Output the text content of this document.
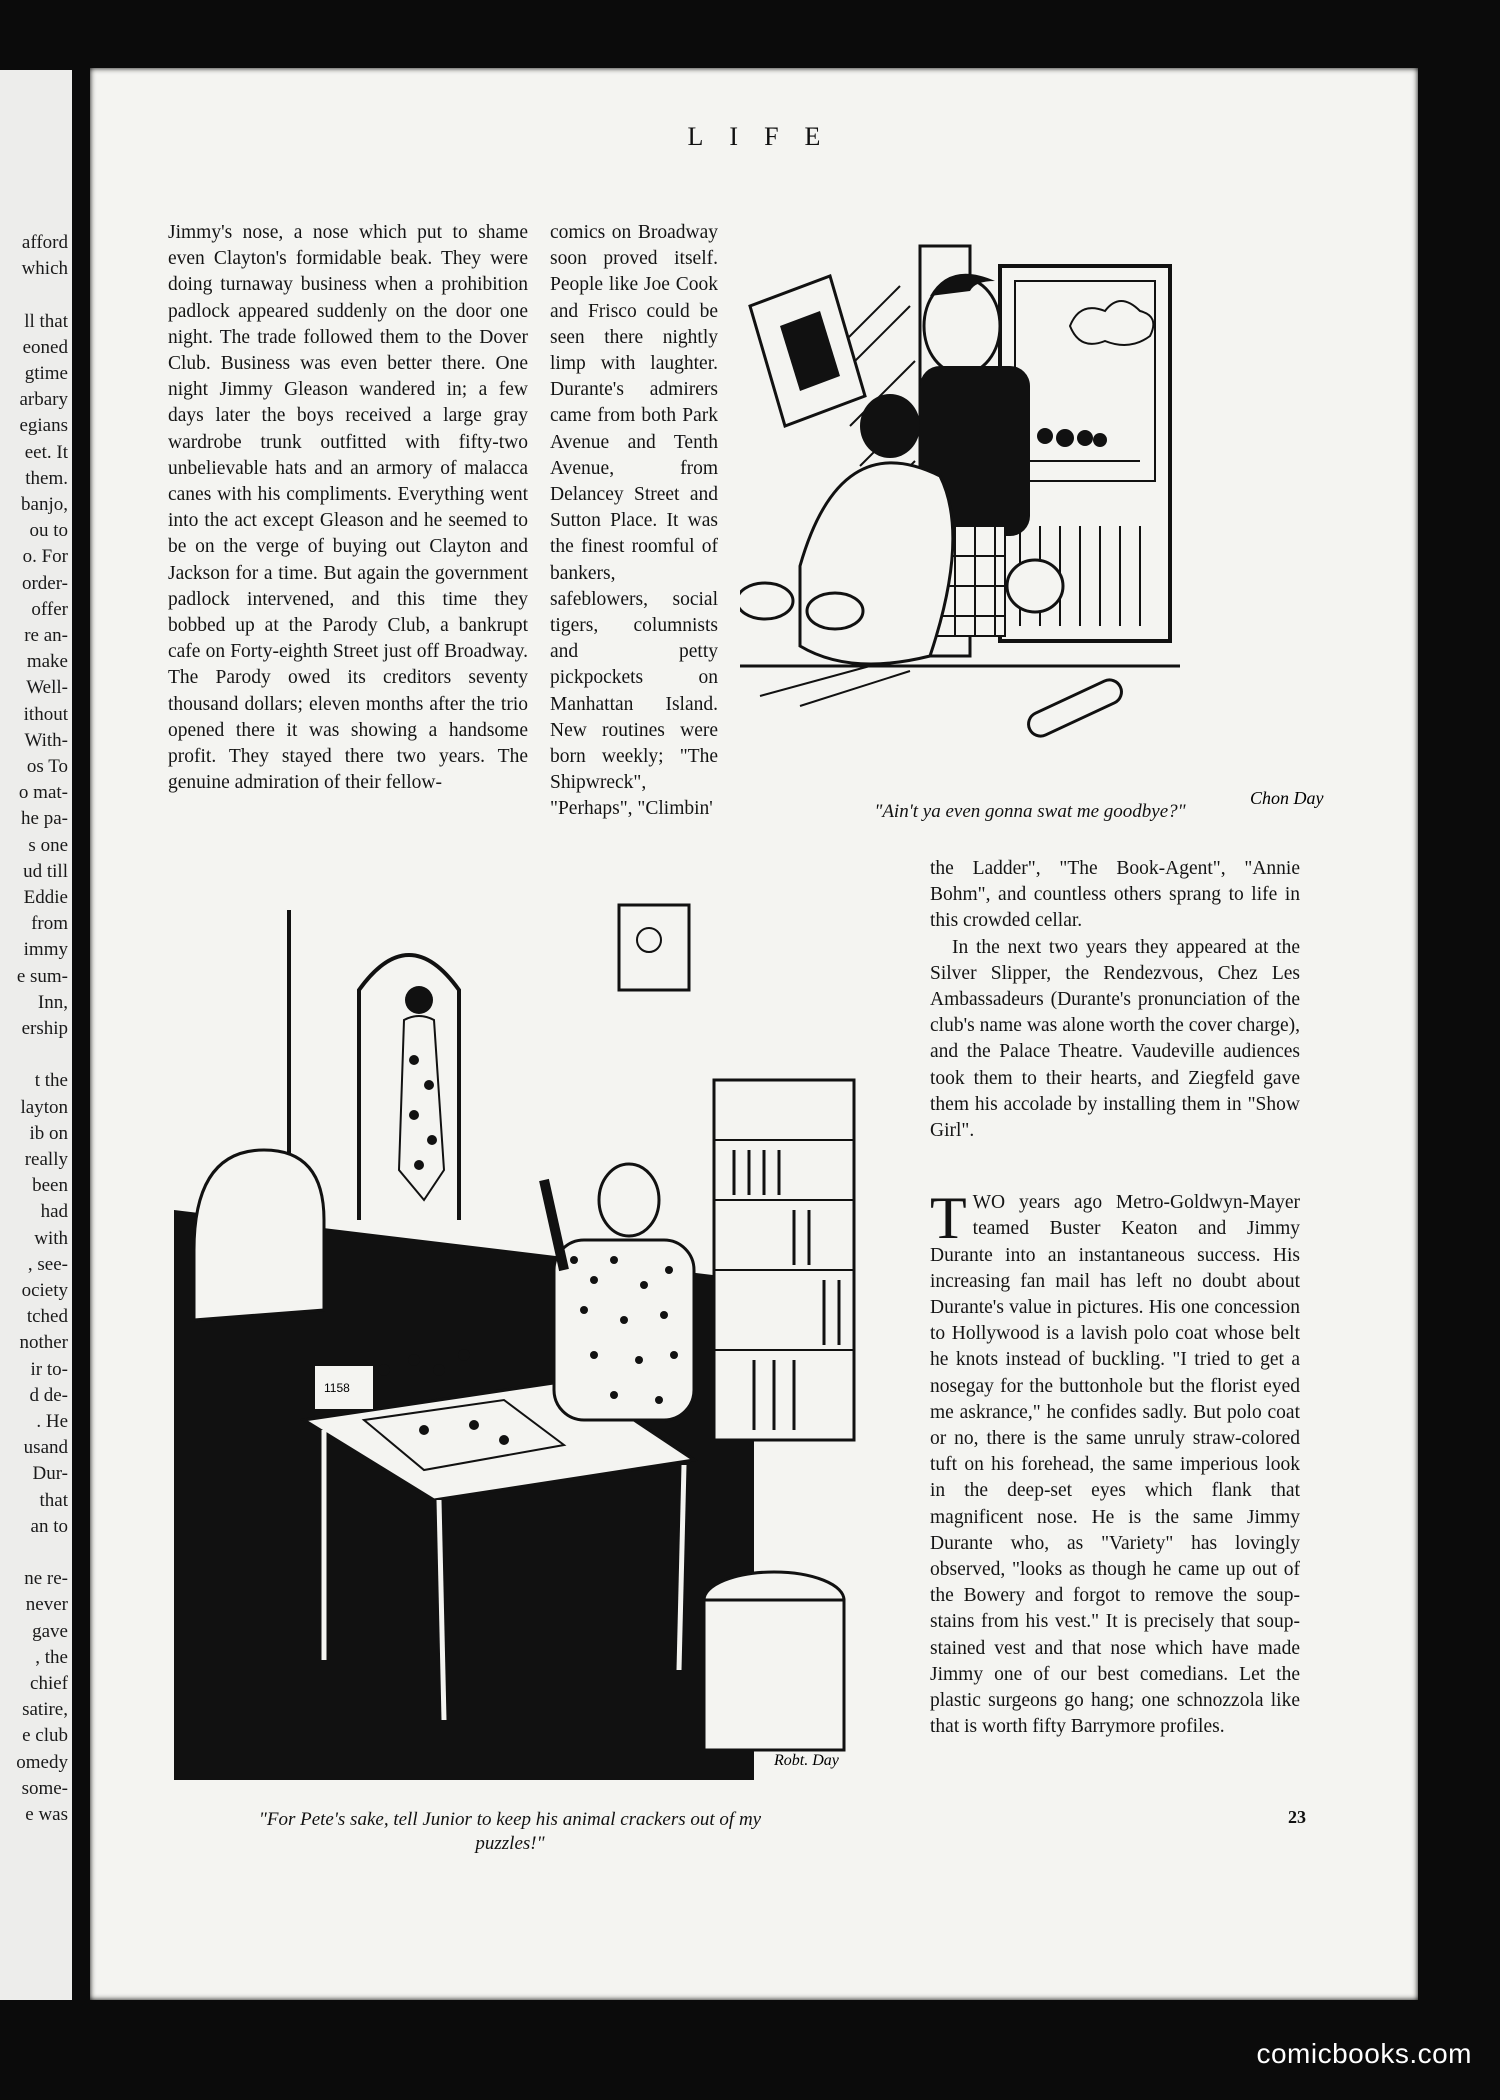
afford
which
ll that
eoned
gtime
arbary
egians
eet. It
them.
banjo,
ou to
o. For
order-
offer
re an-
make
Well-
ithout
With-
os To
o mat-
he pa-
s one
ud till
Eddie
from
immy
e sum-
Inn,
ership
t the
layton
ib on
really
been
had
with
, see-
ociety
tched
nother
ir to-
d de-
. He
usand
Dur-
that
an to
ne re-
never
gave
, the
chief
satire,
e club
omedy
some-
e was
LIFE

Jimmy's nose, a nose which put to shame even Clayton's formidable beak. They were doing turnaway business when a prohibition padlock appeared suddenly on the door one night. The trade followed them to the Dover Club. Business was even better there. One night Jimmy Gleason wandered in; a few days later the boys received a large gray wardrobe trunk outfitted with fifty-two unbelievable hats and an armory of malacca canes with his compliments. Everything went into the act except Gleason and he seemed to be on the verge of buying out Clayton and Jackson for a time. But again the government padlock intervened, and this time they bobbed up at the Parody Club, a bankrupt cafe on Forty-eighth Street just off Broadway. The Parody owed its creditors seventy thousand dollars; eleven months after the trio opened there it was showing a handsome profit. They stayed there two years. The genuine admiration of their fellow-

comics on Broadway soon proved itself. People like Joe Cook and Frisco could be seen there nightly limp with laughter. Durante's admirers came from both Park Avenue and Tenth Avenue, from Delancey Street and Sutton Place. It was the finest roomful of bankers, safeblowers, social tigers, columnists and petty pickpockets on Manhattan Island. New routines were born weekly; "The Shipwreck", "Perhaps", "Climbin'

Chon Day
"Ain't ya even gonna swat me goodbye?"

the Ladder", "The Book-Agent", "Annie Bohm", and countless others sprang to life in this crowded cellar.

In the next two years they appeared at the Silver Slipper, the Rendezvous, Chez Les Ambassadeurs (Durante's pronunciation of the club's name was alone worth the cover charge), and the Palace Theatre. Vaudeville audiences took them to their hearts, and Ziegfeld gave them his accolade by installing them in "Show Girl".

TWO years ago Metro-Goldwyn-Mayer teamed Buster Keaton and Jimmy Durante into an instantaneous success. His increasing fan mail has left no doubt about Durante's value in pictures. His one concession to Hollywood is a lavish polo coat whose belt he knots instead of buckling. "I tried to get a nosegay for the buttonhole but the florist eyed me askrance," he confides sadly. But polo coat or no, there is the same unruly straw-colored tuft on his forehead, the same imperious look in the deep-set eyes which flank that magnificent nose. He is the same Jimmy Durante who, as "Variety" has lovingly observed, "looks as though he came up out of the Bowery and forgot to remove the soup-stains from his vest." It is precisely that soup-stained vest and that nose which have made Jimmy one of our best comedians. Let the plastic surgeons go hang; one schnozzola like that is worth fifty Barrymore profiles.

1158
Robt. Day
"For Pete's sake, tell Junior to keep his animal crackers out of my puzzles!"
23
comicbooks.com
